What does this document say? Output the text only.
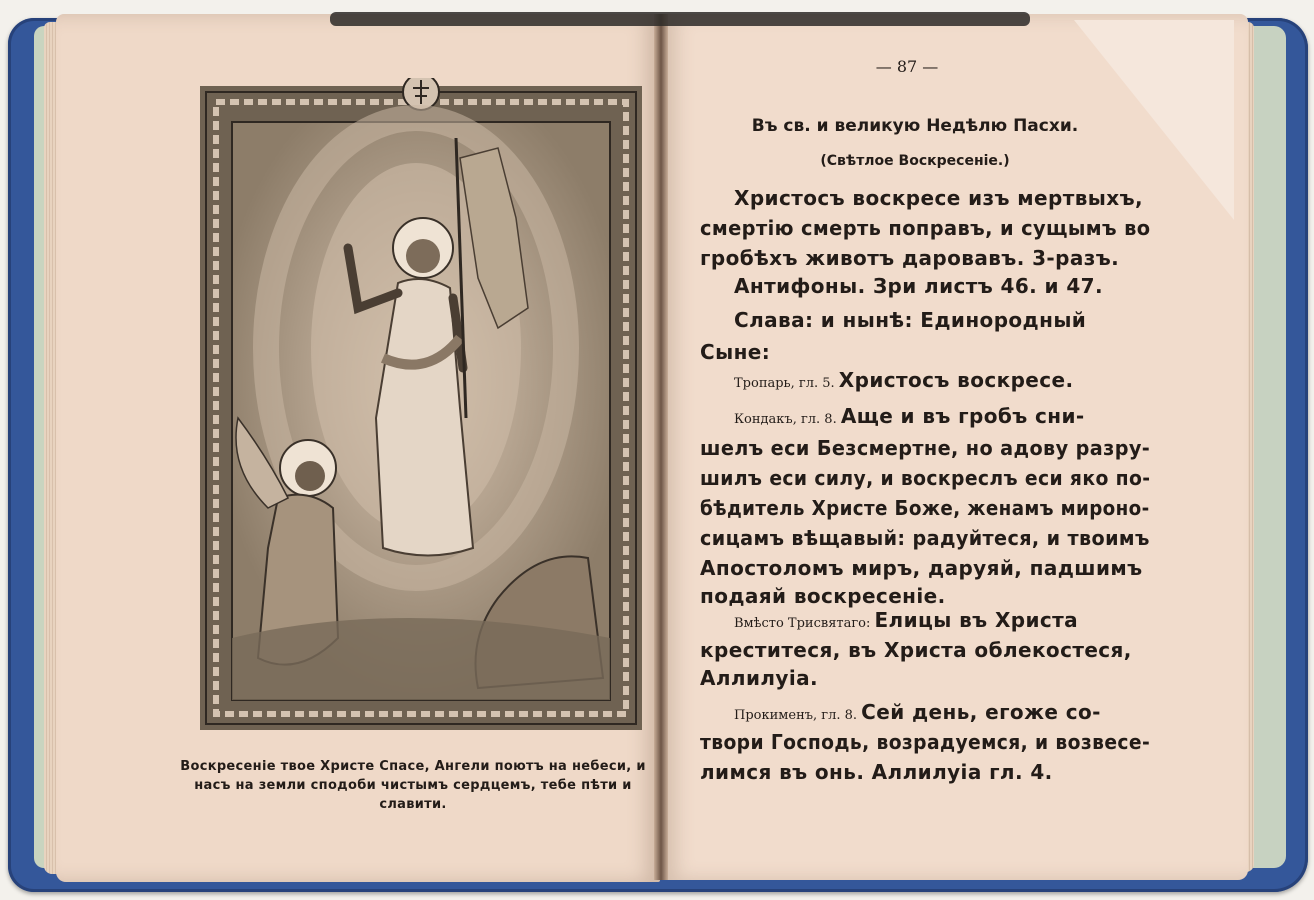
Воскресеніе твое Христе Спасе, Ангели поютъ на небеси, и
насъ на земли сподоби чистымъ сердцемъ, тебе пѣти и
славити.
— 87 —
Въ св. и великую Недѣлю Пасхи.
(Свѣтлое Воскресеніе.)
Христосъ воскресе изъ мертвыхъ,
смертію смерть поправъ, и сущымъ во
гробѣхъ животъ даровавъ. 3-разъ.
Антифоны. Зри листъ 46. и 47.
Слава: и нынѣ: Единородный
Сыне:
Тропарь, гл. 5. Христосъ воскресе.
Кондакъ, гл. 8. Аще и въ гробъ сни-
шелъ еси Безсмертне, но адову разру-
шилъ еси силу, и воскреслъ еси яко по-
бѣдитель Христе Боже, женамъ мироно-
сицамъ вѣщавый: радуйтеся, и твоимъ
Апостоломъ миръ, даруяй, падшимъ
подаяй воскресеніе.
Вмѣсто Трисвятаго: Елицы въ Христа
креститеся, въ Христа облекостеся,
Аллилуіа.
Прокименъ, гл. 8. Сей день, егоже со-
твори Господь, возрадуемся, и возвесе-
лимся въ онь. Аллилуіа гл. 4.
